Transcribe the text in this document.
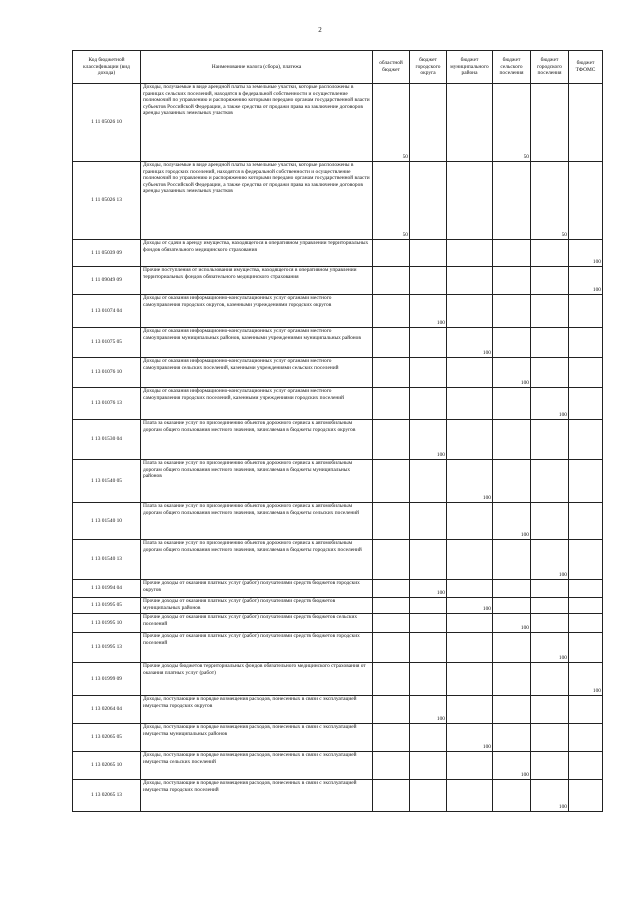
2
Код бюджетной классификации (вид дохода)	Наименование налога (сбора), платежа	областной бюджет	бюджет городского округа	бюджет муниципального района	бюджет сельского поселения	бюджет городского поселения	бюджет ТФОМС
1 11 05026 10	Доходы, получаемые в виде арендной платы за земельные участки, которые расположены в границах сельских поселений, находятся в федеральной собственности и осуществление полномочий по управлению и распоряжению которыми передано органам государственной власти субъектов Российской Федерации, а также средства от продажи права на заключение договоров аренды указанных земельных участков	50			50		
1 11 05026 13	Доходы, получаемые в виде арендной платы за земельные участки, которые расположены в границах городских поселений, находятся в федеральной собственности и осуществление полномочий по управлению и распоряжению которыми передано органам государственной власти субъектов Российской Федерации, а также средства от продажи права на заключение договоров аренды указанных земельных участков	50				50	
1 11 05039 09	Доходы от сдачи в аренду имущества, находящегося в оперативном управлении территориальных фондов обязательного медицинского страхования						100
1 11 09049 09	Прочие поступления от использования имущества, находящегося в оперативном управлении территориальных фондов обязательного медицинского страхования						100
1 13 01074 04	Доходы от оказания информационно-консультационных услуг органами местного самоуправления городских округов, казенными учреждениями городских округов		100				
1 13 01075 05	Доходы от оказания информационно-консультационных услуг органами местного самоуправления муниципальных районов, казенными учреждениями муниципальных районов			100			
1 13 01076 10	Доходы от оказания информационно-консультационных услуг органами местного самоуправления сельских поселений, казенными учреждениями сельских поселений				100		
1 13 01076 13	Доходы от оказания информационно-консультационных услуг органами местного самоуправления городских поселений, казенными учреждениями городских поселений					100	
1 13 01530 04	Плата за оказание услуг по присоединению объектов дорожного сервиса к автомобильным дорогам общего пользования местного значения, зачисляемая в бюджеты городских округов		100				
1 13 01540 05	Плата за оказание услуг по присоединению объектов дорожного сервиса к автомобильным дорогам общего пользования местного значения, зачисляемая в бюджеты муниципальных районов			100			
1 13 01540 10	Плата за оказание услуг по присоединению объектов дорожного сервиса к автомобильным дорогам общего пользования местного значения, зачисляемая в бюджеты сельских поселений				100		
1 13 01540 13	Плата за оказание услуг по присоединению объектов дорожного сервиса к автомобильным дорогам общего пользования местного значения, зачисляемая в бюджеты городских поселений					100	
1 13 01994 04	Прочие доходы от оказания платных услуг (работ) получателями средств бюджетов городских округов		100				
1 13 01995 05	Прочие доходы от оказания платных услуг (работ) получателями средств бюджетов муниципальных районов			100			
1 13 01995 10	Прочие доходы от оказания платных услуг (работ) получателями средств бюджетов сельских поселений				100		
1 13 01995 13	Прочие доходы от оказания платных услуг (работ) получателями средств бюджетов городских поселений					100	
1 13 01999 09	Прочие доходы бюджетов территориальных фондов обязательного медицинского страхования от оказания платных услуг (работ)						100
1 13 02064 04	Доходы, поступающие в порядке возмещения расходов, понесенных в связи с эксплуатацией имущества городских округов		100				
1 13 02065 05	Доходы, поступающие в порядке возмещения расходов, понесенных в связи с эксплуатацией имущества муниципальных районов			100			
1 13 02065 10	Доходы, поступающие в порядке возмещения расходов, понесенных в связи с эксплуатацией имущества сельских поселений				100		
1 13 02065 13	Доходы, поступающие в порядке возмещения расходов, понесенных в связи с эксплуатацией имущества городских поселений					100	
